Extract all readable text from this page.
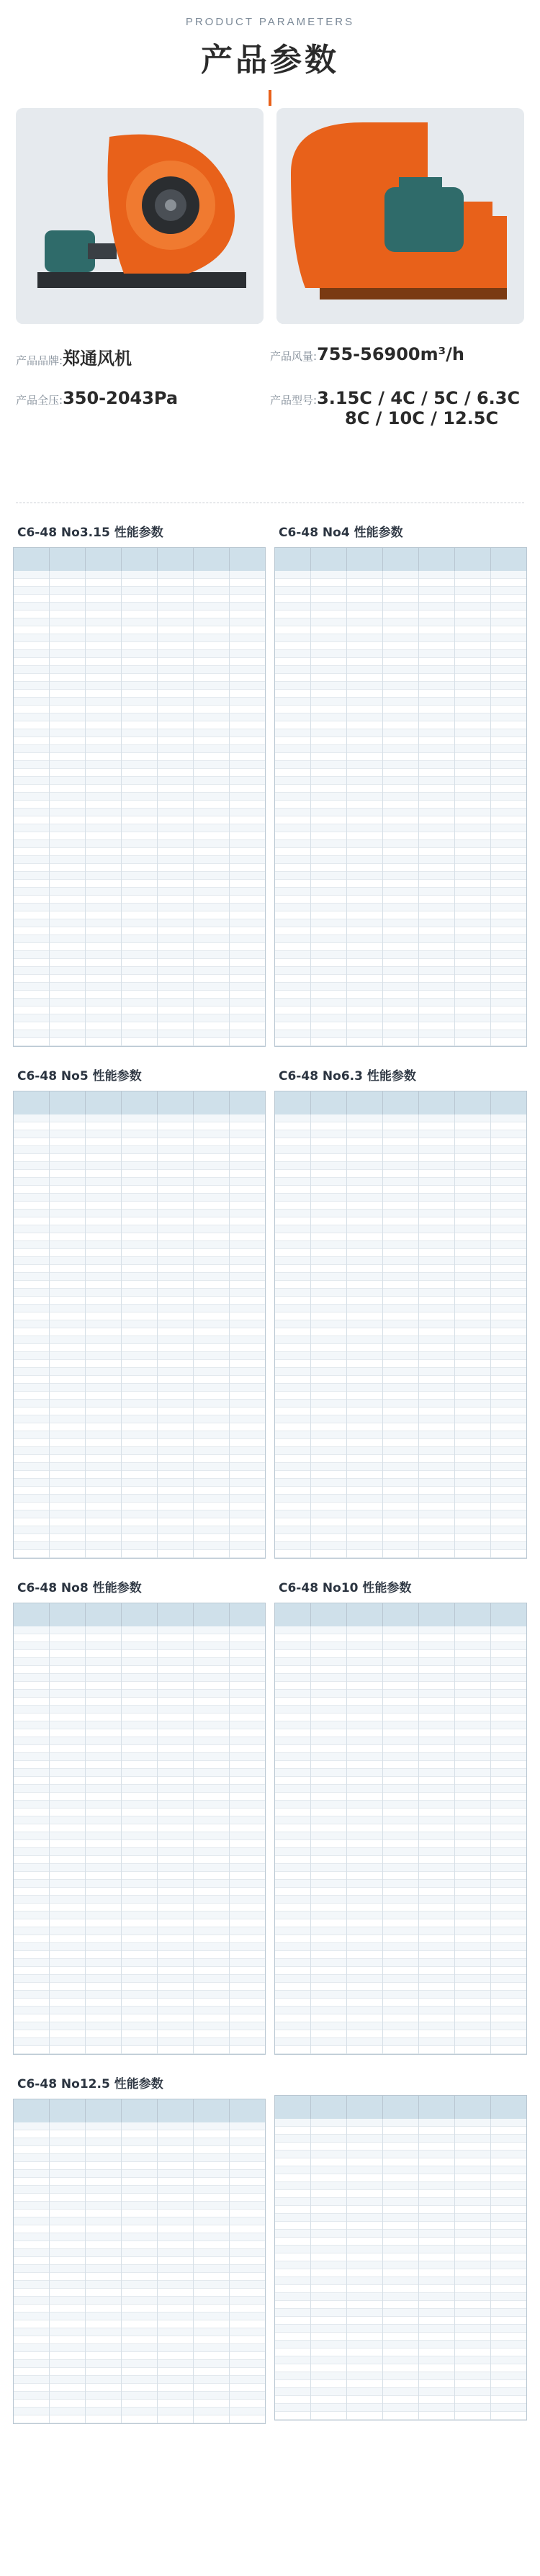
PRODUCT PARAMETERS
产品参数
产品品牌: 郑通风机	产品风量: 755-56900m³/h
产品全压: 350-2043Pa	产品型号: 3.15C / 4C / 5C / 6.3C
8C / 10C / 12.5C
C6-48 No3.15 性能参数	C6-48 No4 性能参数
C6-48 No5 性能参数	C6-48 No6.3 性能参数
C6-48 No8 性能参数	C6-48 No10 性能参数
C6-48 No12.5 性能参数
